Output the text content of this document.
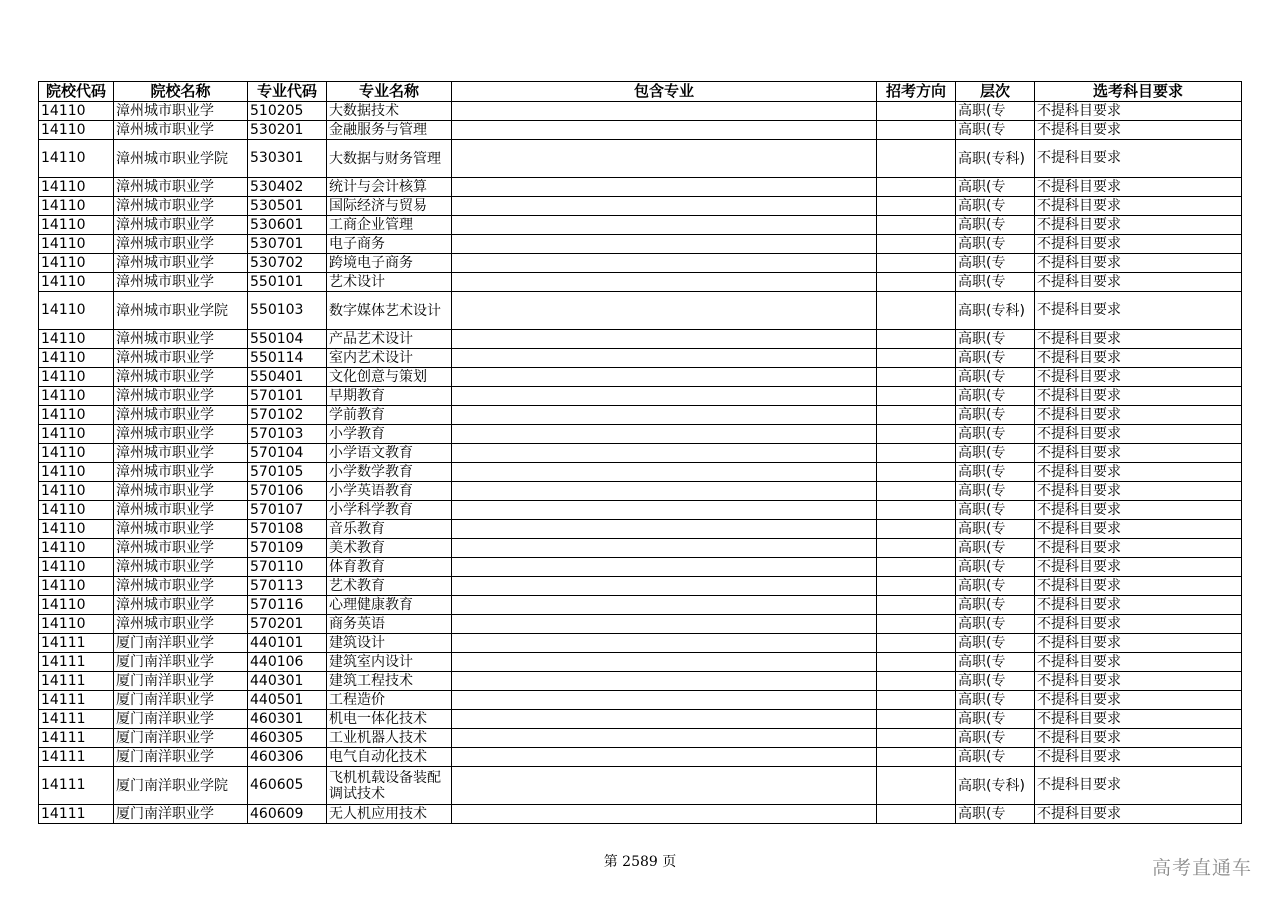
院校代码	院校名称	专业代码	专业名称	包含专业	招考方向	层次	选考科目要求
14110	漳州城市职业学	510205	大数据技术			高职(专	不提科目要求
14110	漳州城市职业学	530201	金融服务与管理			高职(专	不提科目要求
14110	漳州城市职业学院	530301	大数据与财务管理			高职(专科)	不提科目要求
14110	漳州城市职业学	530402	统计与会计核算			高职(专	不提科目要求
14110	漳州城市职业学	530501	国际经济与贸易			高职(专	不提科目要求
14110	漳州城市职业学	530601	工商企业管理			高职(专	不提科目要求
14110	漳州城市职业学	530701	电子商务			高职(专	不提科目要求
14110	漳州城市职业学	530702	跨境电子商务			高职(专	不提科目要求
14110	漳州城市职业学	550101	艺术设计			高职(专	不提科目要求
14110	漳州城市职业学院	550103	数字媒体艺术设计			高职(专科)	不提科目要求
14110	漳州城市职业学	550104	产品艺术设计			高职(专	不提科目要求
14110	漳州城市职业学	550114	室内艺术设计			高职(专	不提科目要求
14110	漳州城市职业学	550401	文化创意与策划			高职(专	不提科目要求
14110	漳州城市职业学	570101	早期教育			高职(专	不提科目要求
14110	漳州城市职业学	570102	学前教育			高职(专	不提科目要求
14110	漳州城市职业学	570103	小学教育			高职(专	不提科目要求
14110	漳州城市职业学	570104	小学语文教育			高职(专	不提科目要求
14110	漳州城市职业学	570105	小学数学教育			高职(专	不提科目要求
14110	漳州城市职业学	570106	小学英语教育			高职(专	不提科目要求
14110	漳州城市职业学	570107	小学科学教育			高职(专	不提科目要求
14110	漳州城市职业学	570108	音乐教育			高职(专	不提科目要求
14110	漳州城市职业学	570109	美术教育			高职(专	不提科目要求
14110	漳州城市职业学	570110	体育教育			高职(专	不提科目要求
14110	漳州城市职业学	570113	艺术教育			高职(专	不提科目要求
14110	漳州城市职业学	570116	心理健康教育			高职(专	不提科目要求
14110	漳州城市职业学	570201	商务英语			高职(专	不提科目要求
14111	厦门南洋职业学	440101	建筑设计			高职(专	不提科目要求
14111	厦门南洋职业学	440106	建筑室内设计			高职(专	不提科目要求
14111	厦门南洋职业学	440301	建筑工程技术			高职(专	不提科目要求
14111	厦门南洋职业学	440501	工程造价			高职(专	不提科目要求
14111	厦门南洋职业学	460301	机电一体化技术			高职(专	不提科目要求
14111	厦门南洋职业学	460305	工业机器人技术			高职(专	不提科目要求
14111	厦门南洋职业学	460306	电气自动化技术			高职(专	不提科目要求
14111	厦门南洋职业学院	460605	飞机机载设备装配调试技术			高职(专科)	不提科目要求
14111	厦门南洋职业学	460609	无人机应用技术			高职(专	不提科目要求
第 2589 页	高考直通车
